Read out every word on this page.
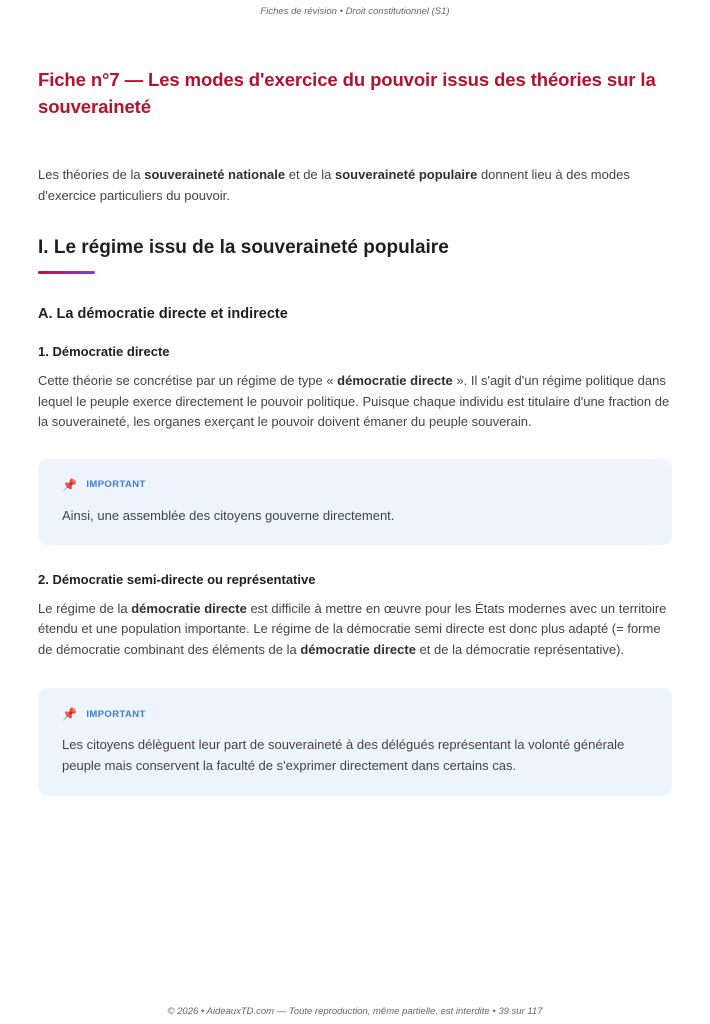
Fiches de révision • Droit constitutionnel (S1)
Fiche n°7 — Les modes d'exercice du pouvoir issus des théories sur la souveraineté

Les théories de la souveraineté nationale et de la souveraineté populaire donnent lieu à des modes d'exercice particuliers du pouvoir.

I. Le régime issu de la souveraineté populaire
A. La démocratie directe et indirecte
1. Démocratie directe

Cette théorie se concrétise par un régime de type « démocratie directe ». Il s'agit d'un régime politique dans lequel le peuple exerce directement le pouvoir politique. Puisque chaque individu est titulaire d'une fraction de la souveraineté, les organes exerçant le pouvoir doivent émaner du peuple souverain.

📌 IMPORTANT
Ainsi, une assemblée des citoyens gouverne directement.
2. Démocratie semi-directe ou représentative

Le régime de la démocratie directe est difficile à mettre en œuvre pour les États modernes avec un territoire étendu et une population importante. Le régime de la démocratie semi directe est donc plus adapté (= forme de démocratie combinant des éléments de la démocratie directe et de la démocratie représentative).

📌 IMPORTANT
Les citoyens délèguent leur part de souveraineté à des délégués représentant la volonté générale peuple mais conservent la faculté de s'exprimer directement dans certains cas.
© 2026 • AideauxTD.com — Toute reproduction, même partielle, est interdite • 39 sur 117
